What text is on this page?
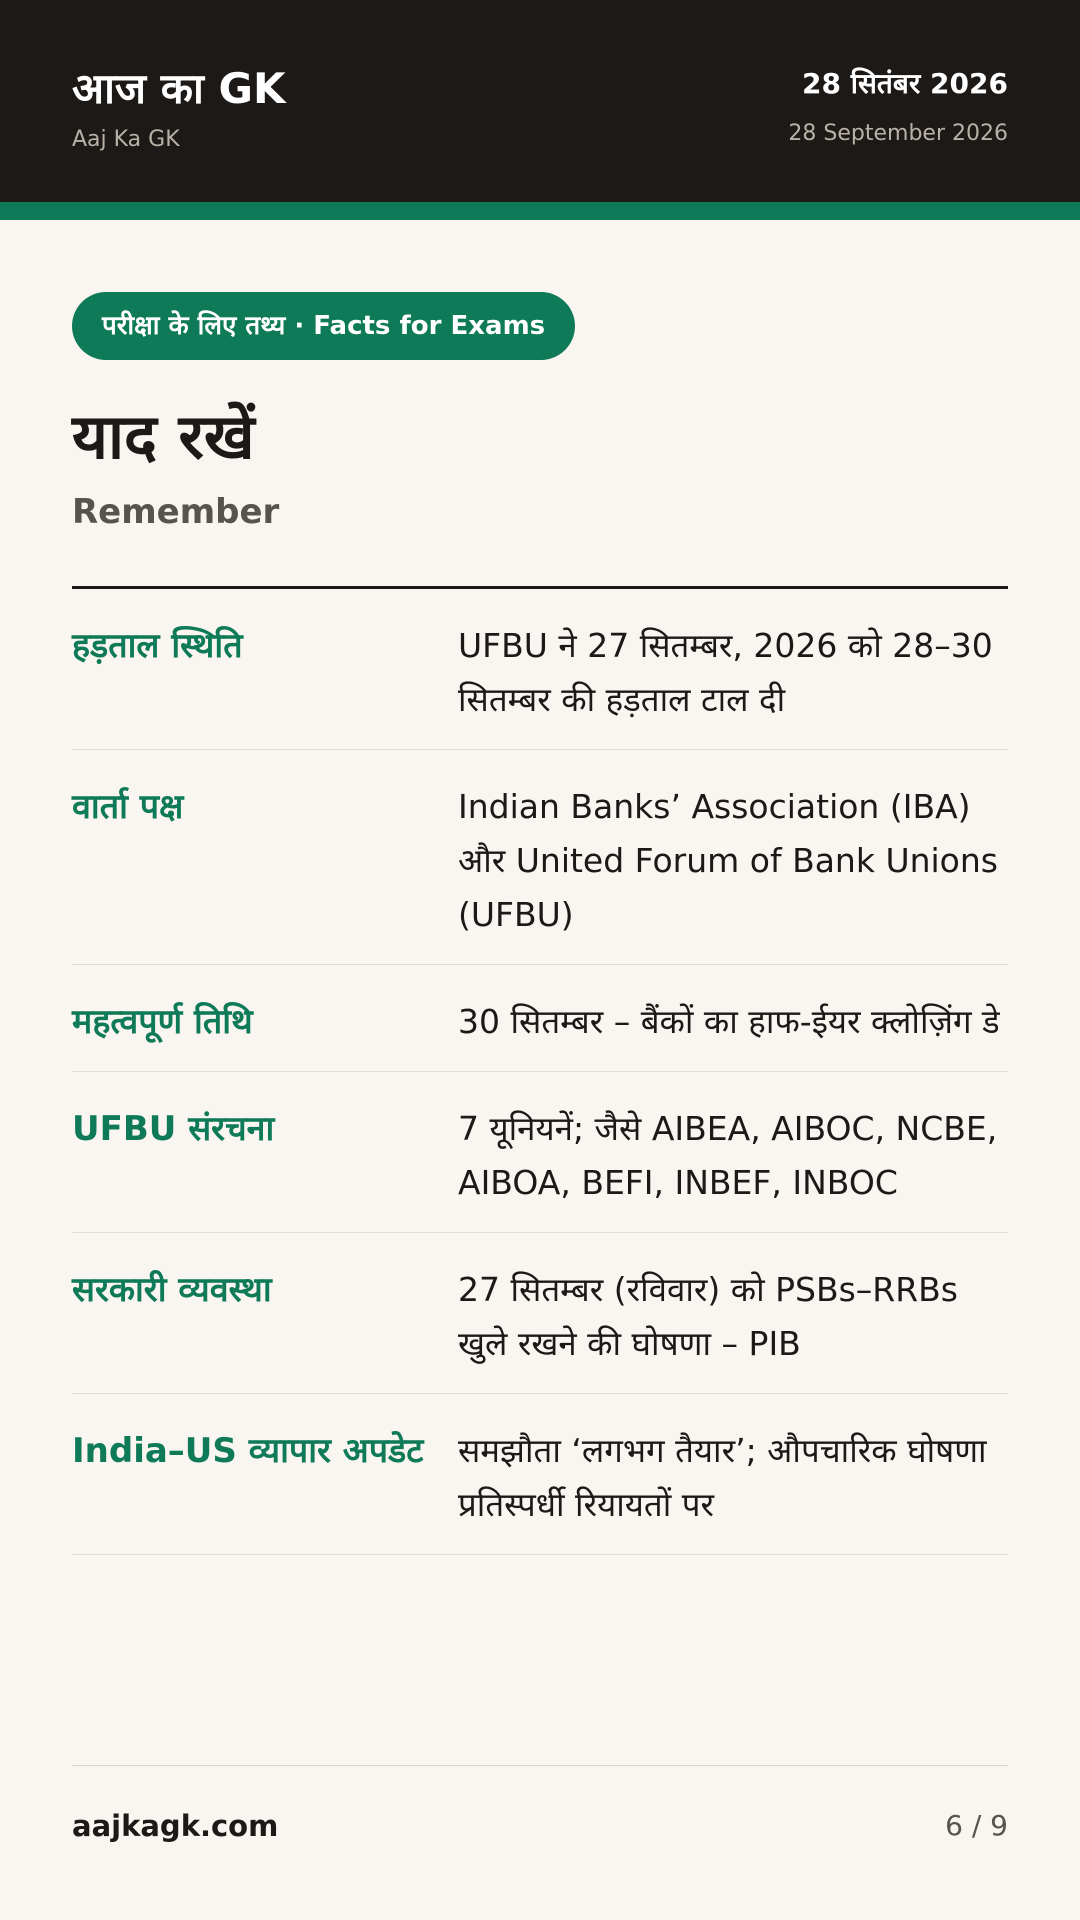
आज का GK
Aaj Ka GK
28 सितंबर 2026
28 September 2026
परीक्षा के लिए तथ्य · Facts for Exams
याद रखें
Remember
हड़ताल स्थिति	UFBU ने 27 सितम्बर, 2026 को 28–30 सितम्बर की हड़ताल टाल दी
वार्ता पक्ष	Indian Banks’ Association (IBA) और United Forum of Bank Unions (UFBU)
महत्वपूर्ण तिथि	30 सितम्बर – बैंकों का हाफ-ईयर क्लोज़िंग डे
UFBU संरचना	7 यूनियनें; जैसे AIBEA, AIBOC, NCBE, AIBOA, BEFI, INBEF, INBOC
सरकारी व्यवस्था	27 सितम्बर (रविवार) को PSBs–RRBs खुले रखने की घोषणा – PIB
India–US व्यापार अपडेट	समझौता ‘लगभग तैयार’; औपचारिक घोषणा प्रतिस्पर्धी रियायतों पर
aajkagk.com	6 / 9
